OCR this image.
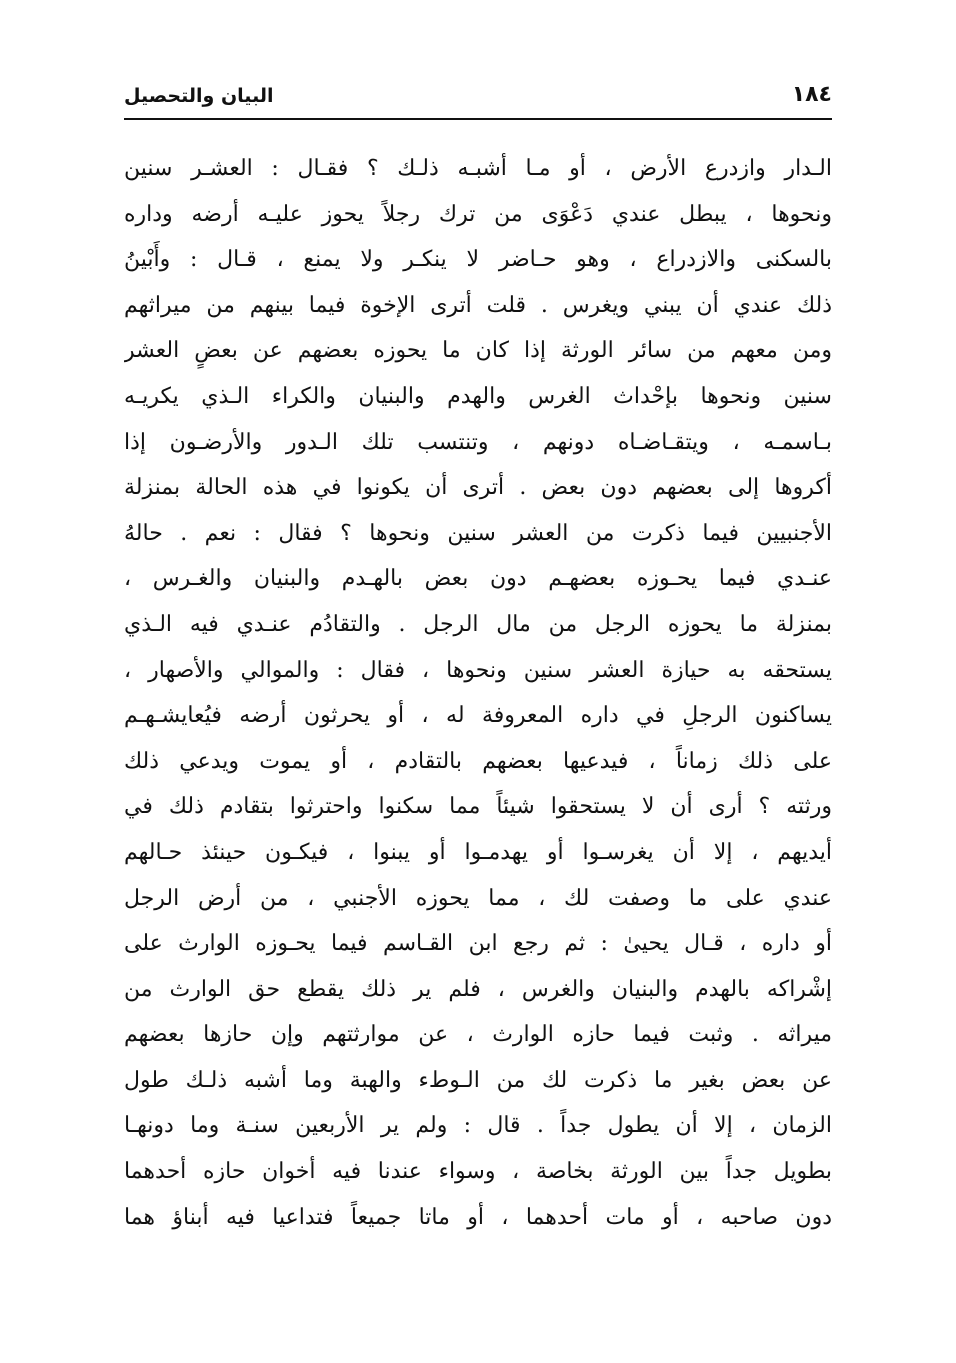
١٨٤
البيان والتحصيل
الـدار وازدرع الأرض ، أو مـا أشبـه ذلـك ؟ فقـال : العشـر سنين
ونحوها ، يبطل عندي دَعْوَى من ترك رجلاً يحوز عليـه أرضه وداره
بالسكنى والازدراع ، وهو حـاضر لا ينكـر ولا يمنع ، قـال : وأَبْينُ
ذلك عندي أن يبني ويغرس . قلت أترى الإخوة فيما بينهم من ميراثهم
ومن معهم من سائر الورثة إذا كان ما يحوزه بعضهم عن بعضٍ العشر
سنين ونحوها بإحْداث الغرس والهدم والبنيان والكراء الـذي يكريـه
بـاسمـه ، ويتقـاضـاه دونهم ، وتنتسب تلك الـدور والأرضـون إذا
أكروها إلى بعضهم دون بعض . أترى أن يكونوا في هذه الحالة بمنزلة
الأجنبيين فيما ذكرت من العشر سنين ونحوها ؟ فقال : نعم . حالهُ
عنـدي فيما يحـوزه بعضهـم دون بعض بالهـدم والبنيان والغـرس ،
بمنزلة ما يحوزه الرجل من مال الرجل . والتقادُم عنـدي فيه الـذي
يستحقه به حيازة العشر سنين ونحوها ، فقال : والموالي والأصهار ،
يساكنون الرجلِ في داره المعروفة له ، أو يحرثون أرضه فيُعايشـهـم
على ذلك زماناً ، فيدعيها بعضهم بالتقادم ، أو يموت ويدعي ذلك
ورثته ؟ أرى أن لا يستحقوا شيئاً مما سكنوا واحترثوا بتقادم ذلك في
أيديهم ، إلا أن يغرسـوا أو يهدمـوا أو يبنوا ، فيكـون حينئذ حـالهم
عندي على ما وصفت لك ، مما يحوزه الأجنبي ، من أرض الرجل
أو داره ، قـال يحيىٰ : ثم رجع ابن القـاسم فيما يحـوزه الوارث على
إشْراكه بالهدم والبنيان والغرس ، فلم ير ذلك يقطع حق الوارث من
ميراثه . وثبت فيما حازه الوارث ، عن موارثتهم وإن حازها بعضهم
عن بعض بغير ما ذكرت لك من الـوطء والهبة وما أشبه ذلـك طول
الزمان ، إلا أن يطول جداً . قال : ولم ير الأربعين سنـة وما دونهـا
بطويل جداً بين الورثة بخاصة ، وسواء عندنا فيه أخوان حازه أحدهما
دون صاحبه ، أو مات أحدهما ، أو ماتا جميعاً فتداعيا فيه أبناؤ هما
